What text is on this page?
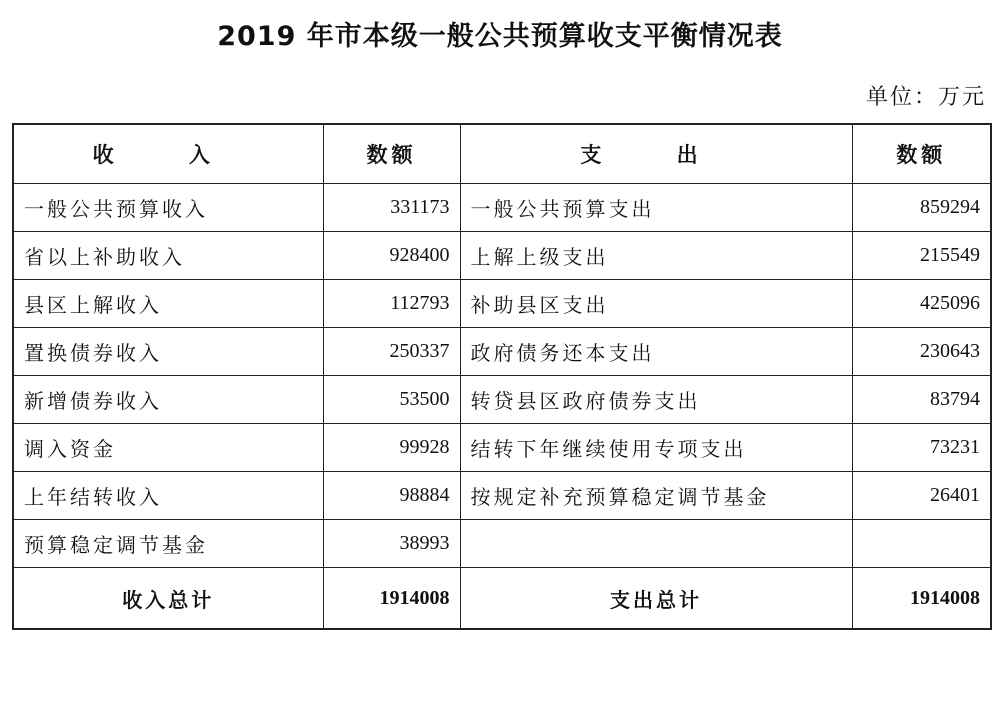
2019 年市本级一般公共预算收支平衡情况表
单位：万元
收 入	数额	支 出	数额
一般公共预算收入	331173	一般公共预算支出	859294
省以上补助收入	928400	上解上级支出	215549
县区上解收入	112793	补助县区支出	425096
置换债券收入	250337	政府债务还本支出	230643
新增债券收入	53500	转贷县区政府债券支出	83794
调入资金	99928	结转下年继续使用专项支出	73231
上年结转收入	98884	按规定补充预算稳定调节基金	26401
预算稳定调节基金	38993		
收入总计	1914008	支出总计	1914008
